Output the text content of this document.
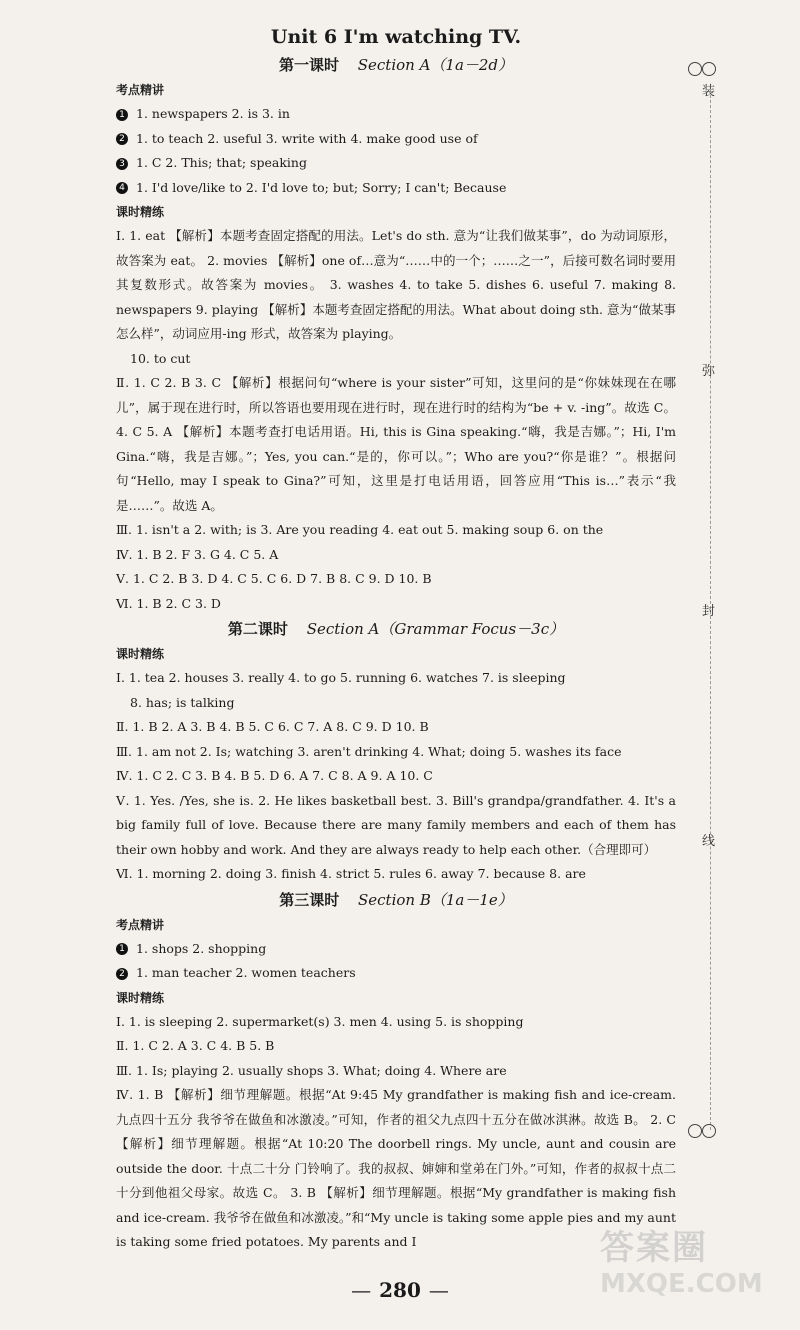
Unit 6 I'm watching TV.
第一课时 Section A（1a－2d）
考点精讲
1 1. newspapers 2. is 3. in
2 1. to teach 2. useful 3. write with 4. make good use of
3 1. C 2. This; that; speaking
4 1. I'd love/like to 2. I'd love to; but; Sorry; I can't; Because
课时精练
Ⅰ. 1. eat 【解析】本题考查固定搭配的用法。Let's do sth. 意为“让我们做某事”，do 为动词原形，故答案为 eat。 2. movies 【解析】one of…意为“……中的一个；……之一”，后接可数名词时要用其复数形式。故答案为 movies。 3. washes 4. to take 5. dishes 6. useful 7. making 8. newspapers 9. playing 【解析】本题考查固定搭配的用法。What about doing sth. 意为“做某事怎么样”，动词应用-ing 形式，故答案为 playing。
10. to cut
Ⅱ. 1. C 2. B 3. C 【解析】根据问句“where is your sister”可知，这里问的是“你妹妹现在在哪儿”，属于现在进行时，所以答语也要用现在进行时，现在进行时的结构为“be + v. -ing”。故选 C。 4. C 5. A 【解析】本题考查打电话用语。Hi, this is Gina speaking.“嗨，我是吉娜。”；Hi, I'm Gina.“嗨，我是吉娜。”；Yes, you can.“是的，你可以。”；Who are you?“你是谁？”。根据问句“Hello, may I speak to Gina?”可知，这里是打电话用语，回答应用“This is…”表示“我是……”。故选 A。
Ⅲ. 1. isn't a 2. with; is 3. Are you reading 4. eat out 5. making soup 6. on the
Ⅳ. 1. B 2. F 3. G 4. C 5. A
Ⅴ. 1. C 2. B 3. D 4. C 5. C 6. D 7. B 8. C 9. D 10. B
Ⅵ. 1. B 2. C 3. D
第二课时 Section A（Grammar Focus－3c）
课时精练
Ⅰ. 1. tea 2. houses 3. really 4. to go 5. running 6. watches 7. is sleeping
8. has; is talking
Ⅱ. 1. B 2. A 3. B 4. B 5. C 6. C 7. A 8. C 9. D 10. B
Ⅲ. 1. am not 2. Is; watching 3. aren't drinking 4. What; doing 5. washes its face
Ⅳ. 1. C 2. C 3. B 4. B 5. D 6. A 7. C 8. A 9. A 10. C
Ⅴ. 1. Yes. /Yes, she is. 2. He likes basketball best. 3. Bill's grandpa/grandfather. 4. It's a big family full of love. Because there are many family members and each of them has their own hobby and work. And they are always ready to help each other.（合理即可）
Ⅵ. 1. morning 2. doing 3. finish 4. strict 5. rules 6. away 7. because 8. are
第三课时 Section B（1a－1e）
考点精讲
1 1. shops 2. shopping
2 1. man teacher 2. women teachers
课时精练
Ⅰ. 1. is sleeping 2. supermarket(s) 3. men 4. using 5. is shopping
Ⅱ. 1. C 2. A 3. C 4. B 5. B
Ⅲ. 1. Is; playing 2. usually shops 3. What; doing 4. Where are
Ⅳ. 1. B 【解析】细节理解题。根据“At 9:45 My grandfather is making fish and ice-cream. 九点四十五分 我爷爷在做鱼和冰激凌。”可知，作者的祖父九点四十五分在做冰淇淋。故选 B。 2. C 【解析】细节理解题。根据“At 10:20 The doorbell rings. My uncle, aunt and cousin are outside the door. 十点二十分 门铃响了。我的叔叔、婶婶和堂弟在门外。”可知，作者的叔叔十点二十分到他祖父母家。故选 C。 3. B 【解析】细节理解题。根据“My grandfather is making fish and ice-cream. 我爷爷在做鱼和冰激凌。”和“My uncle is taking some apple pies and my aunt is taking some fried potatoes. My parents and I
装
弥
封
线
— 280 —
答案圈
MXQE.COM
